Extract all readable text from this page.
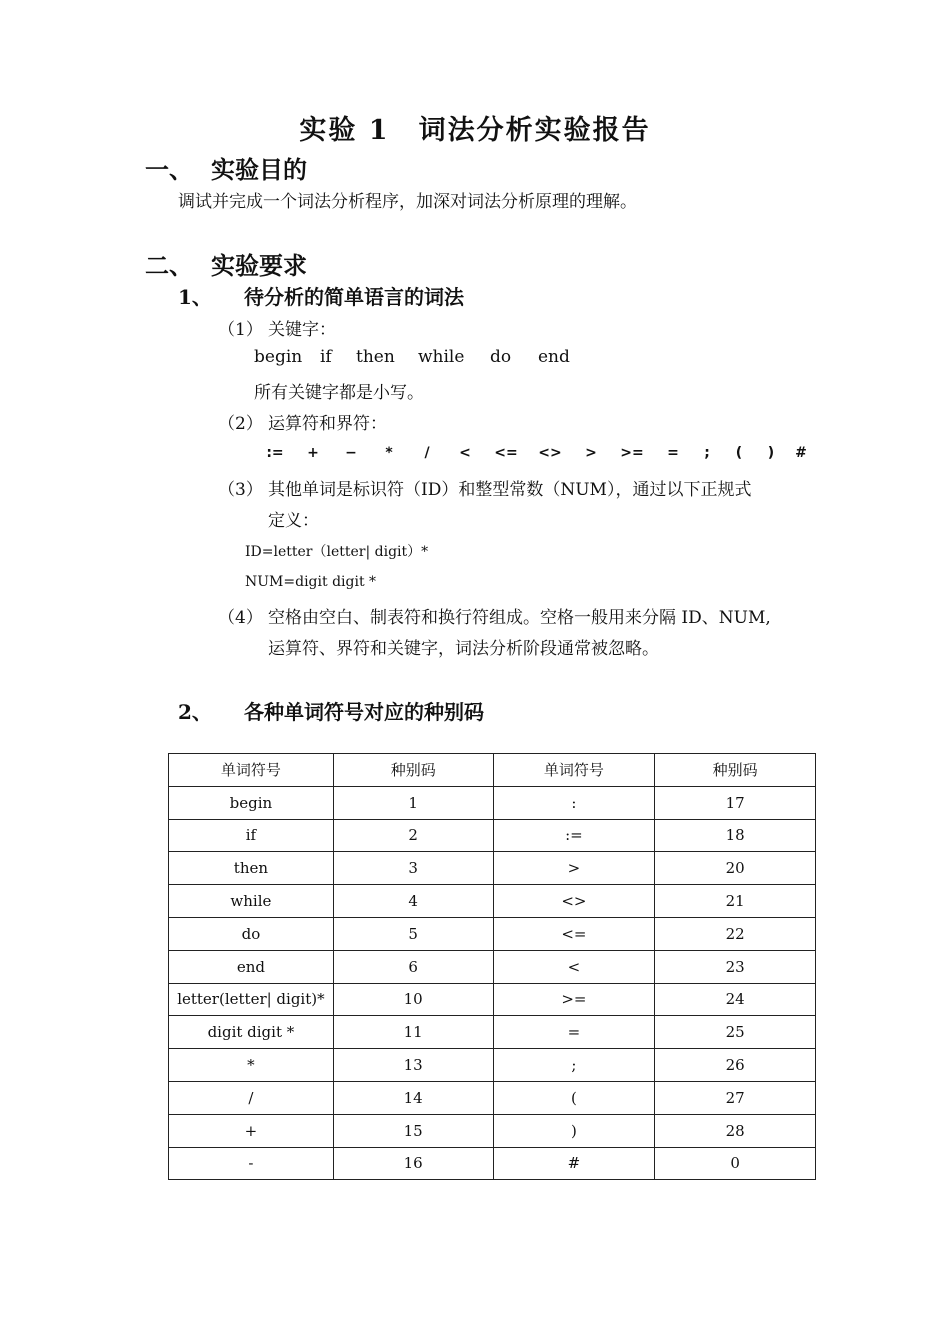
实验 1　词法分析实验报告
一、 实验目的
调试并完成一个词法分析程序，加深对词法分析原理的理解。
二、 实验要求
1、 待分析的简单语言的词法
（1） 关键字：
begin if then while do end
所有关键字都是小写。
（2） 运算符和界符：
:= + − * / < <= <> > >= = ; ( ) #
（3） 其他单词是标识符（ID）和整型常数（NUM），通过以下正规式
定义：
ID=letter（letter| digit）*
NUM=digit digit *
（4） 空格由空白、制表符和换行符组成。空格一般用来分隔 ID、NUM,
运算符、界符和关键字，词法分析阶段通常被忽略。
2、 各种单词符号对应的种别码
单词符号	种别码	单词符号	种别码
begin	1	:	17
if	2	:=	18
then	3	>	20
while	4	<>	21
do	5	<=	22
end	6	<	23
letter(letter| digit)*	10	>=	24
digit digit *	11	=	25
*	13	;	26
/	14	(	27
+	15	)	28
-	16	#	0
